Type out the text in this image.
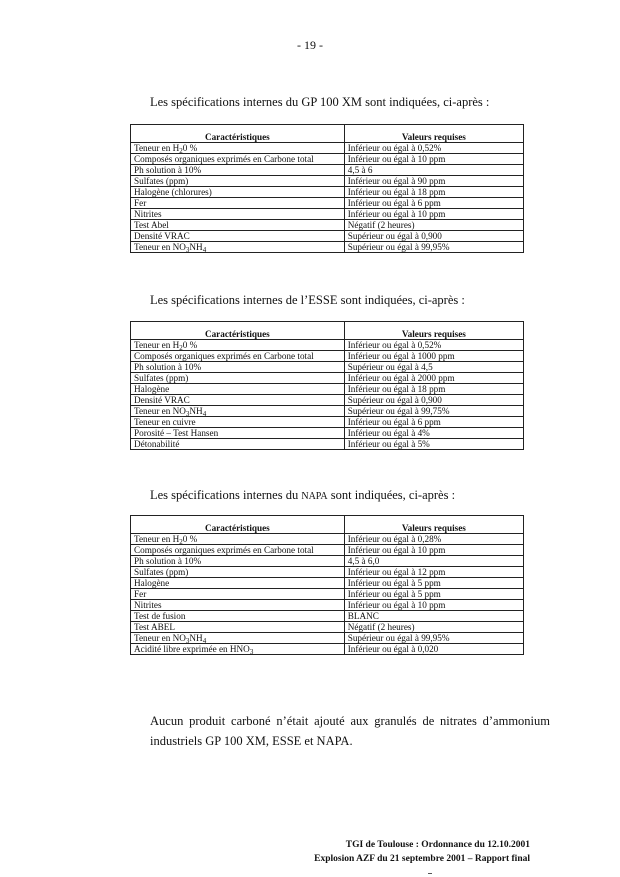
- 19 -
Les spécifications internes du GP 100 XM sont indiquées, ci-après :
Caractéristiques	Valeurs requises
Teneur en $H_20$ %	Inférieur ou égal à 0,52%
Composés organiques exprimés en Carbone total	Inférieur ou égal à 10 ppm
Ph solution à 10%	4,5 à 6
Sulfates (ppm)	Inférieur ou égal à 90 ppm
Halogène (chlorures)	Inférieur ou égal à 18 ppm
Fer	Inférieur ou égal à 6 ppm
Nitrites	Inférieur ou égal à 10 ppm
Test Abel	Négatif (2 heures)
Densité VRAC	Supérieur ou égal à 0,900
Teneur en $NO_3NH_4$	Supérieur ou égal à 99,95%
Les spécifications internes de l’ESSE sont indiquées, ci-après :
Caractéristiques	Valeurs requises
Teneur en $H_20$ %	Inférieur ou égal à 0,52%
Composés organiques exprimés en Carbone total	Inférieur ou égal à 1000 ppm
Ph solution à 10%	Supérieur ou égal à 4,5
Sulfates (ppm)	Inférieur ou égal à 2000 ppm
Halogène	Inférieur ou égal à 18 ppm
Densité VRAC	Supérieur ou égal à 0,900
Teneur en $NO_3NH_4$	Supérieur ou égal à 99,75%
Teneur en cuivre	Inférieur ou égal à 6 ppm
Porosité – Test Hansen	Inférieur ou égal à 4%
Détonabilité	Inférieur ou égal à 5%
Les spécifications internes du NAPA sont indiquées, ci-après :
Caractéristiques	Valeurs requises
Teneur en $H_20$ %	Inférieur ou égal à 0,28%
Composés organiques exprimés en Carbone total	Inférieur ou égal à 10 ppm
Ph solution à 10%	4,5 à 6,0
Sulfates (ppm)	Inférieur ou égal à 12 ppm
Halogène	Inférieur ou égal à 5 ppm
Fer	Inférieur ou égal à 5 ppm
Nitrites	Inférieur ou égal à 10 ppm
Test de fusion	BLANC
Test ABEL	Négatif (2 heures)
Teneur en $NO_3NH_4$	Supérieur ou égal à 99,95%
Acidité libre exprimée en $HNO_3$	Inférieur ou égal à 0,020
Aucun produit carboné n’était ajouté aux granulés de nitrates d’ammonium industriels GP 100 XM, ESSE et NAPA.
TGI de Toulouse : Ordonnance du 12.10.2001
Explosion AZF du 21 septembre 2001 – Rapport final
